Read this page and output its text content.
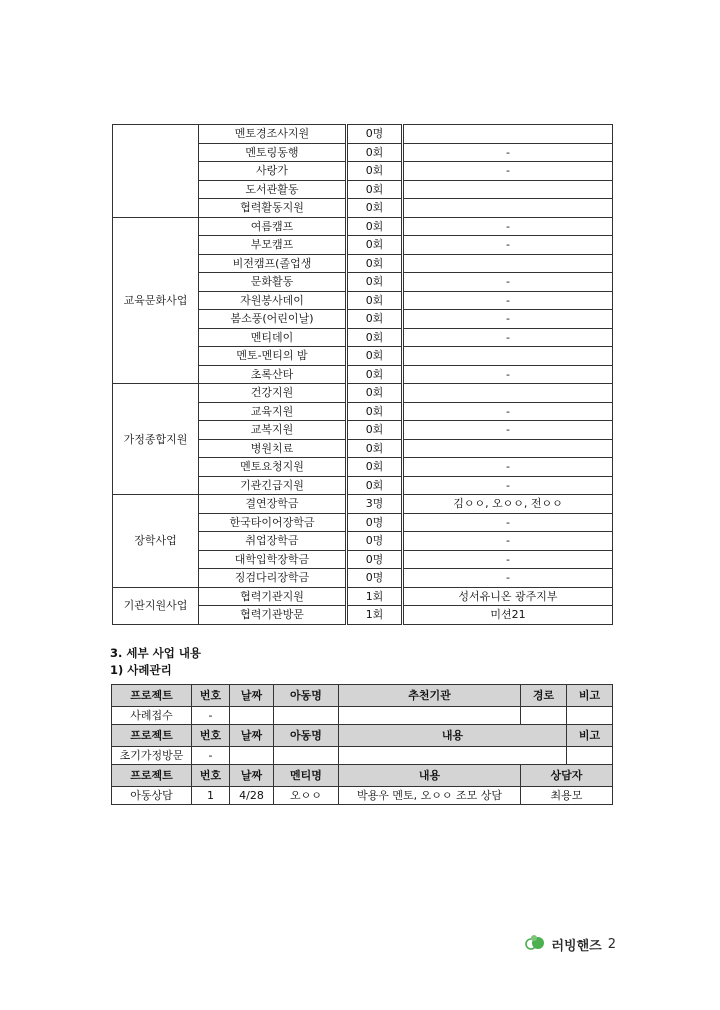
	멘토경조사지원	0명	
	멘토링동행	0회	-
	사랑가	0회	-
	도서관활동	0회	
	협력활동지원	0회	
교육문화사업	여름캠프	0회	-
	부모캠프	0회	-
	비전캠프(졸업생	0회	
	문화활동	0회	-
	자원봉사데이	0회	-
	봄소풍(어린이날)	0회	-
	멘티데이	0회	-
	멘토-멘티의 밤	0회	
	초록산타	0회	-
가정종합지원	건강지원	0회	
	교육지원	0회	-
	교복지원	0회	-
	병원치료	0회	
	멘토요청지원	0회	-
	기관긴급지원	0회	-
장학사업	결연장학금	3명	김ㅇㅇ, 오ㅇㅇ, 전ㅇㅇ
	한국타이어장학금	0명	-
	취업장학금	0명	-
	대학입학장학금	0명	-
	징검다리장학금	0명	-
기관지원사업	협력기관지원	1회	성서유니온 광주지부
	협력기관방문	1회	미션21
3. 세부 사업 내용
1) 사례관리
프로젝트	번호	날짜	아동명	추천기관	경로	비고
사례접수	-					
프로젝트	번호	날짜	아동명	내용		비고
초기가정방문	-					
프로젝트	번호	날짜	멘티명	내용	상담자	
아동상담	1	4/28	오ㅇㅇ	박용우 멘토, 오ㅇㅇ 조모 상담	최용모	
러빙핸즈 2
